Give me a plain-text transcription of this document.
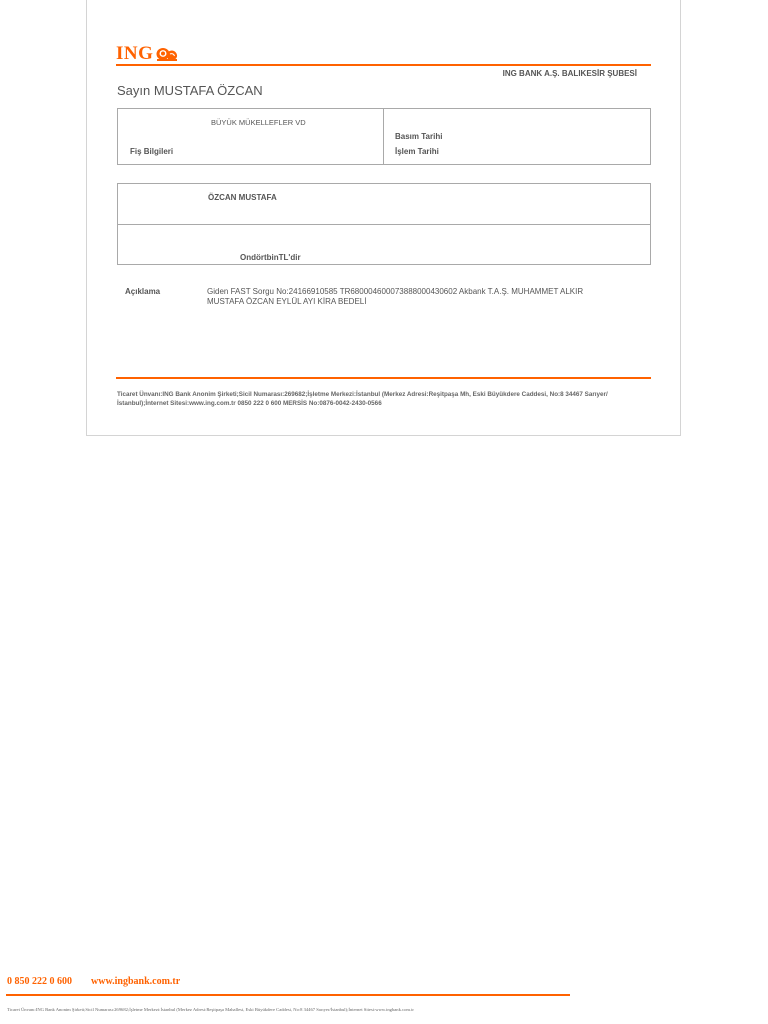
ING
ING BANK A.Ş. BALIKESİR ŞUBESİ
Sayın MUSTAFA ÖZCAN
BÜYÜK MÜKELLEFLER VD
Fiş Bilgileri
Basım Tarihi
İşlem Tarihi
ÖZCAN MUSTAFA
OndörtbinTL'dir
Açıklama	Giden FAST Sorgu No:24166910585 TR680004600073888000430602 Akbank T.A.Ş. MUHAMMET ALKIR MUSTAFA ÖZCAN EYLÜL AYI KİRA BEDELİ
Ticaret Ünvanı:ING Bank Anonim Şirketi;Sicil Numarası:269682;İşletme Merkezi:İstanbul (Merkez Adresi:Reşitpaşa Mh, Eski Büyükdere Caddesi, No:8 34467 Sarıyer/İstanbul);İnternet Sitesi:www.ing.com.tr 0850 222 0 600 MERSİS No:0876-0042-2430-0566
0 850 222 0 600 www.ingbank.com.tr
Ticaret Ünvanı:ING Bank Anonim Şirketi;Sicil Numarası:269682;İşletme Merkezi:İstanbul (Merkez Adresi:Reşitpaşa Mahallesi, Eski Büyükdere Caddesi, No:8 34467 Sarıyer/İstanbul);İnternet Sitesi:www.ingbank.com.tr
